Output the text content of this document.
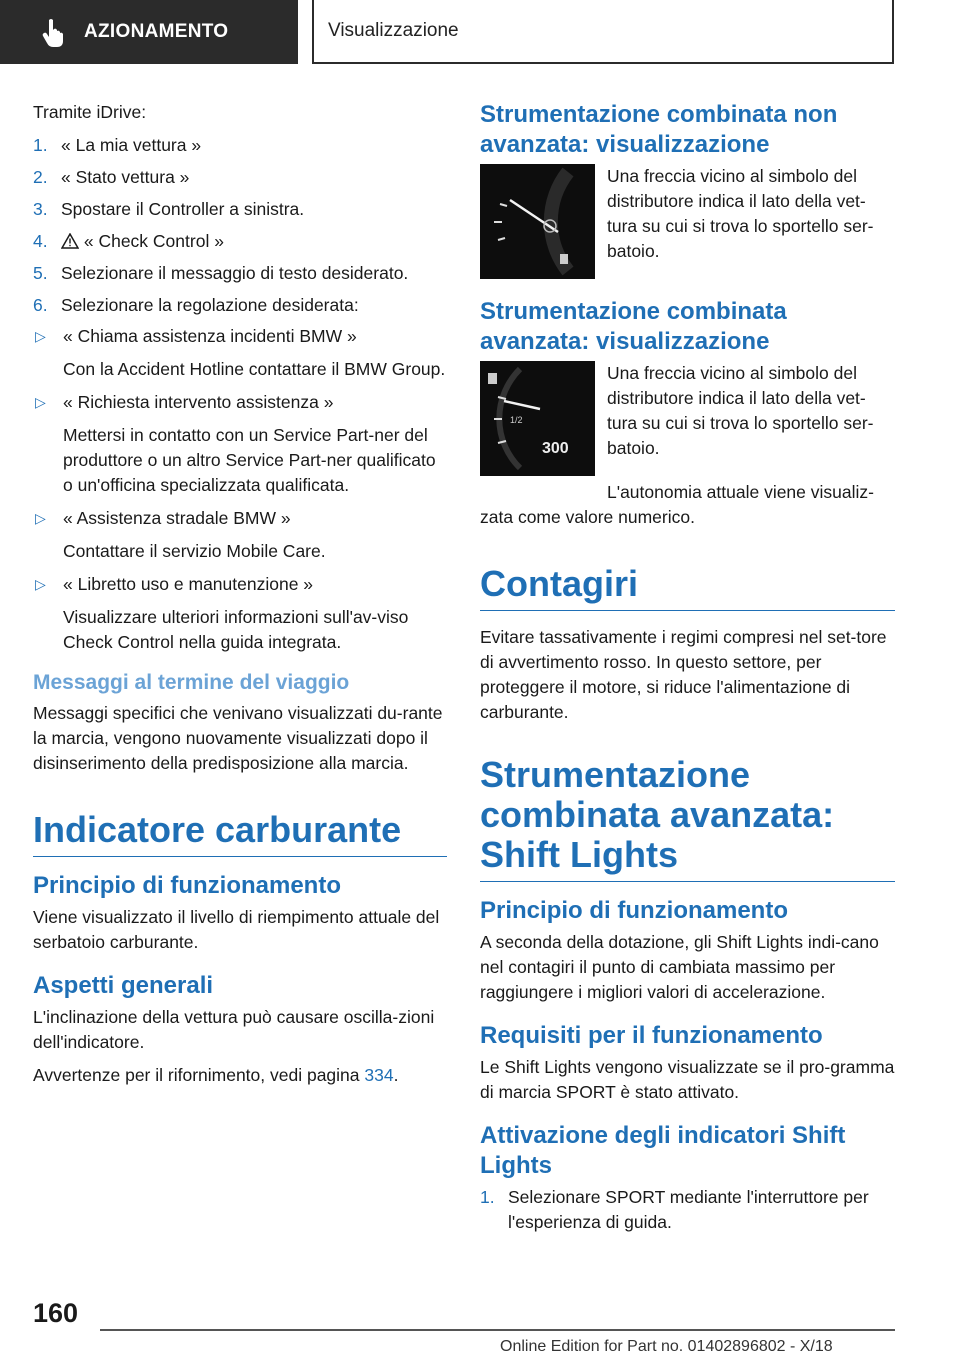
AZIONAMENTO	Visualizzazione

Tramite iDrive:

1. « La mia vettura »
2. « Stato vettura »
3. Spostare il Controller a sinistra.
4. « Check Control »
5. Selezionare il messaggio di testo desiderato.
6. Selezionare la regolazione desiderata:
▷ « Chiama assistenza incidenti BMW »
Con la Accident Hotline contattare il BMW Group.
▷ « Richiesta intervento assistenza »
Mettersi in contatto con un Service Part-ner del produttore o un altro Service Part-ner qualificato o un'officina specializzata qualificata.
▷ « Assistenza stradale BMW »
Contattare il servizio Mobile Care.
▷ « Libretto uso e manutenzione »
Visualizzare ulteriori informazioni sull'av-viso Check Control nella guida integrata.
Messaggi al termine del viaggio

Messaggi specifici che venivano visualizzati du-rante la marcia, vengono nuovamente visualizzati dopo il disinserimento della predisposizione alla marcia.

Indicatore carburante
Principio di funzionamento

Viene visualizzato il livello di riempimento attuale del serbatoio carburante.

Aspetti generali

L'inclinazione della vettura può causare oscilla-zioni dell'indicatore.

Avvertenze per il rifornimento, vedi pagina 334.

Strumentazione combinata non avanzata: visualizzazione
Una freccia vicino al simbolo del distributore indica il lato della vet-tura su cui si trova lo sportello ser-batoio.
Strumentazione combinata avanzata: visualizzazione
1/2
300

Una freccia vicino al simbolo del distributore indica il lato della vet-tura su cui si trova lo sportello ser-batoio.

L'autonomia attuale viene visualiz-zata come valore numerico.

Contagiri

Evitare tassativamente i regimi compresi nel set-tore di avvertimento rosso. In questo settore, per proteggere il motore, si riduce l'alimentazione di carburante.

Strumentazione combinata avanzata: Shift Lights
Principio di funzionamento

A seconda della dotazione, gli Shift Lights indi-cano nel contagiri il punto di cambiata massimo per raggiungere i migliori valori di accelerazione.

Requisiti per il funzionamento

Le Shift Lights vengono visualizzate se il pro-gramma di marcia SPORT è stato attivato.

Attivazione degli indicatori Shift Lights
1. Selezionare SPORT mediante l'interruttore per l'esperienza di guida.
160
Online Edition for Part no. 01402896802 - X/18
